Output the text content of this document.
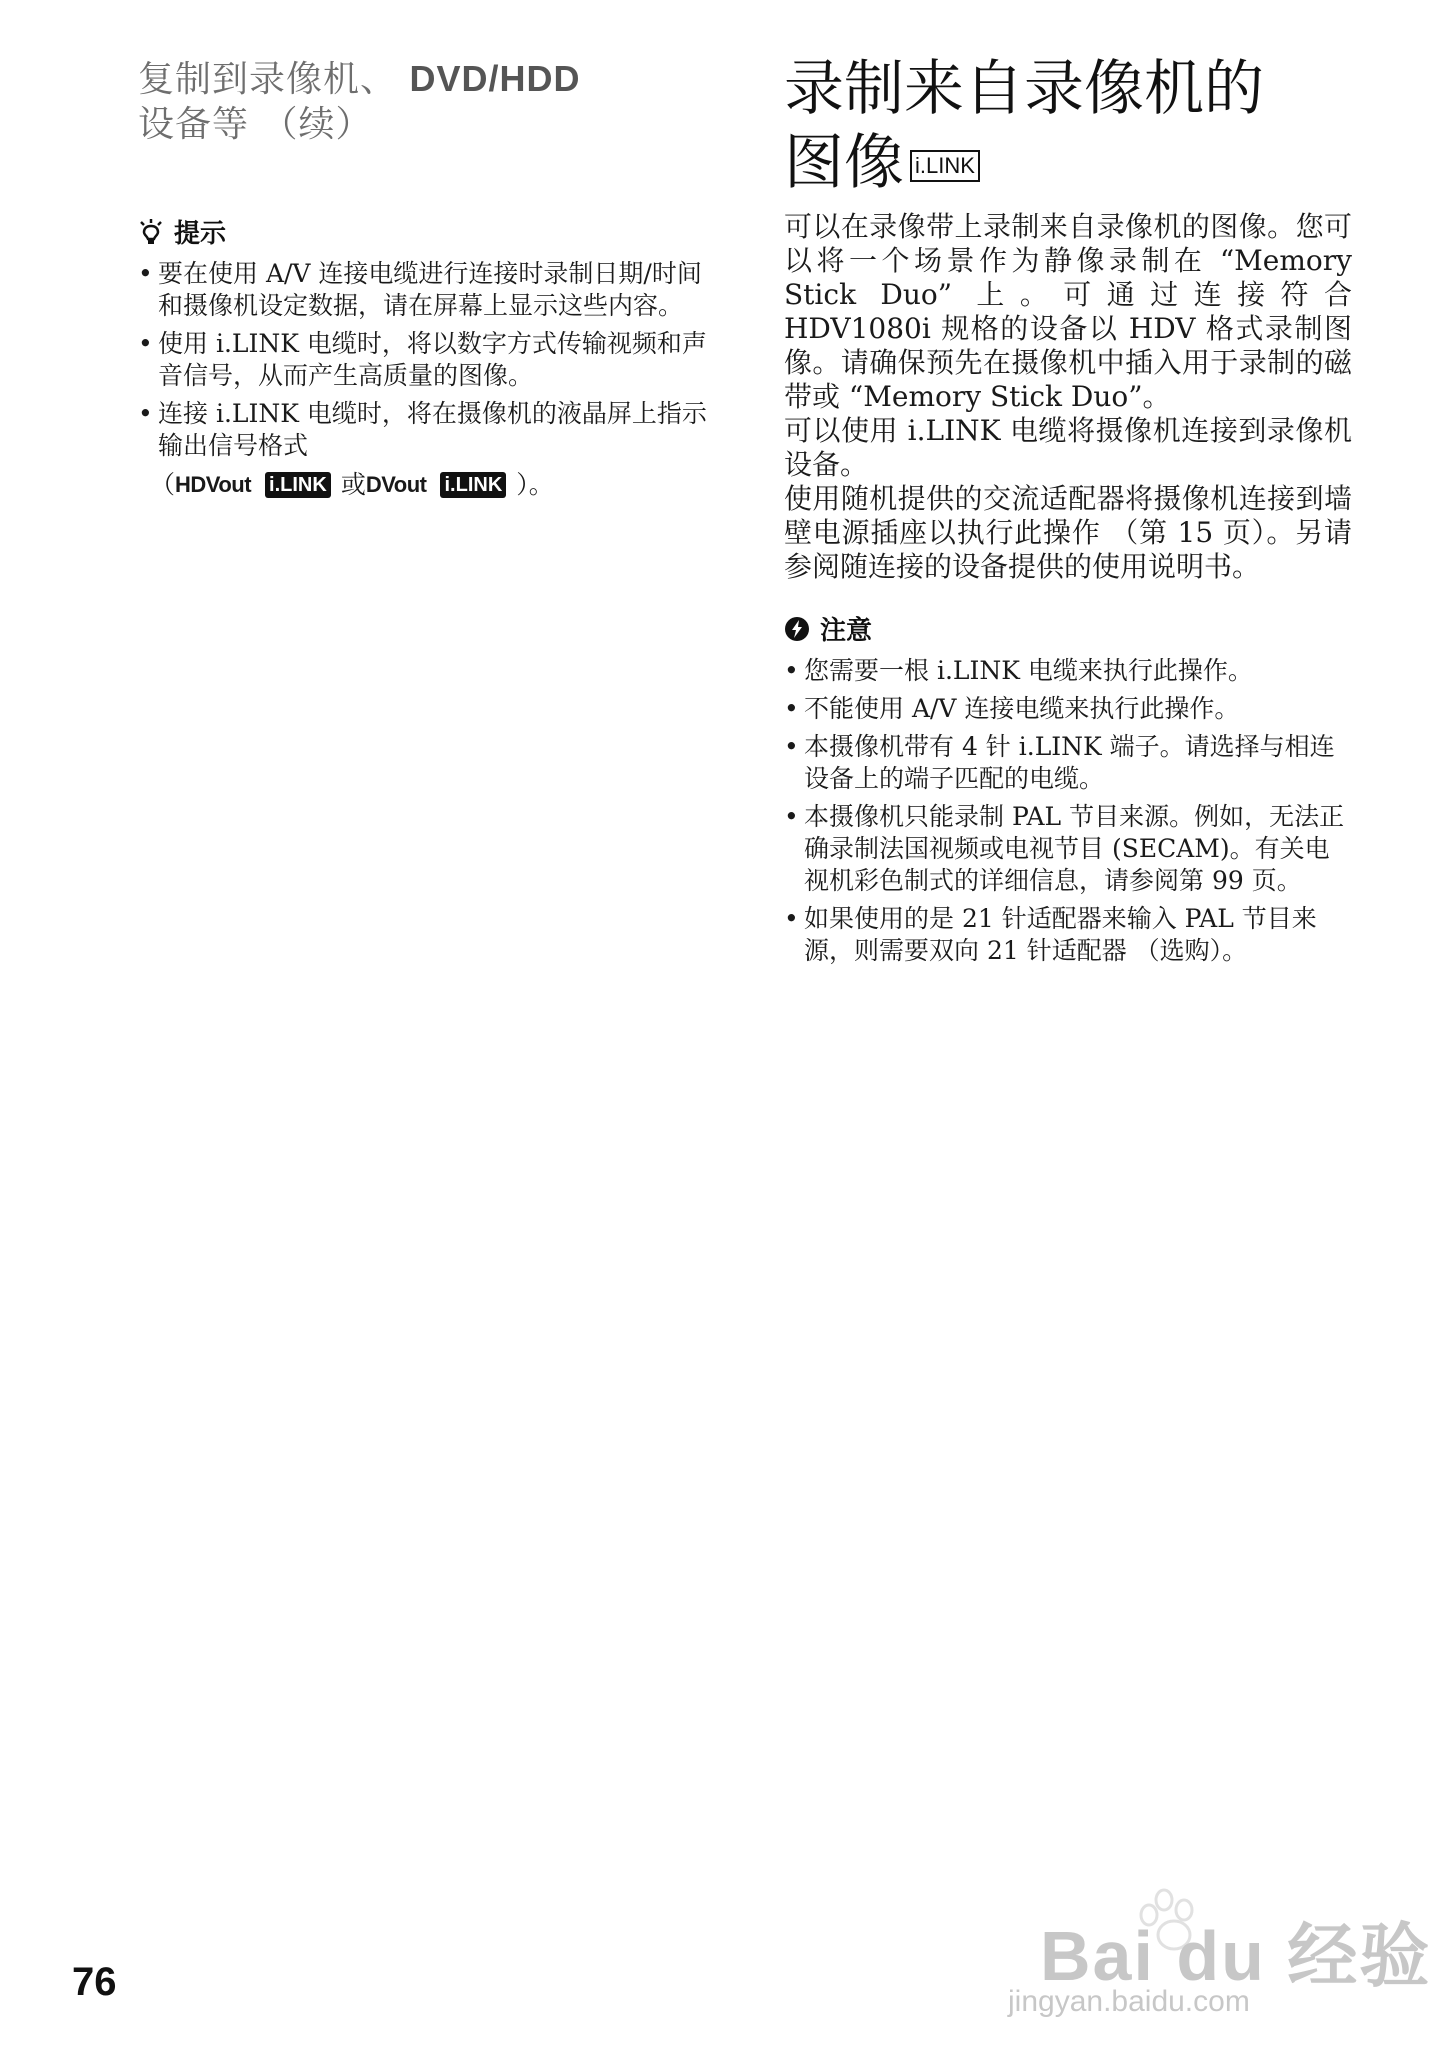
复制到录像机、 DVD/HDD
设备等 （续）
提示
• 要在使用 A/V 连接电缆进行连接时录制日期/时间和摄像机设定数据，请在屏幕上显示这些内容。
• 使用 i.LINK 电缆时，将以数字方式传输视频和声音信号，从而产生高质量的图像。
• 连接 i.LINK 电缆时，将在摄像机的液晶屏上指示输出信号格式
（ HDVout i.LINK 或 DVout i.LINK ）。
录制来自录像机的
图像 i.LINK

可以在录像带上录制来自录像机的图像。您可以将一个场景作为静像录制在 “Memory Stick Duo” 上。可通过连接符合 HDV1080i 规格的设备以 HDV 格式录制图像。请确保预先在摄像机中插入用于录制的磁带或 “Memory Stick Duo”。

可以使用 i.LINK 电缆将摄像机连接到录像机设备。

使用随机提供的交流适配器将摄像机连接到墙壁电源插座以执行此操作 （第 15 页）。另请参阅随连接的设备提供的使用说明书。

注意
• 您需要一根 i.LINK 电缆来执行此操作。
• 不能使用 A/V 连接电缆来执行此操作。
• 本摄像机带有 4 针 i.LINK 端子。请选择与相连设备上的端子匹配的电缆。
• 本摄像机只能录制 PAL 节目来源。例如，无法正确录制法国视频或电视节目 (SECAM)。有关电视机彩色制式的详细信息，请参阅第 99 页。
• 如果使用的是 21 针适配器来输入 PAL 节目来源，则需要双向 21 针适配器 （选购）。
76	Bai du 经验
jingyan.baidu.com
